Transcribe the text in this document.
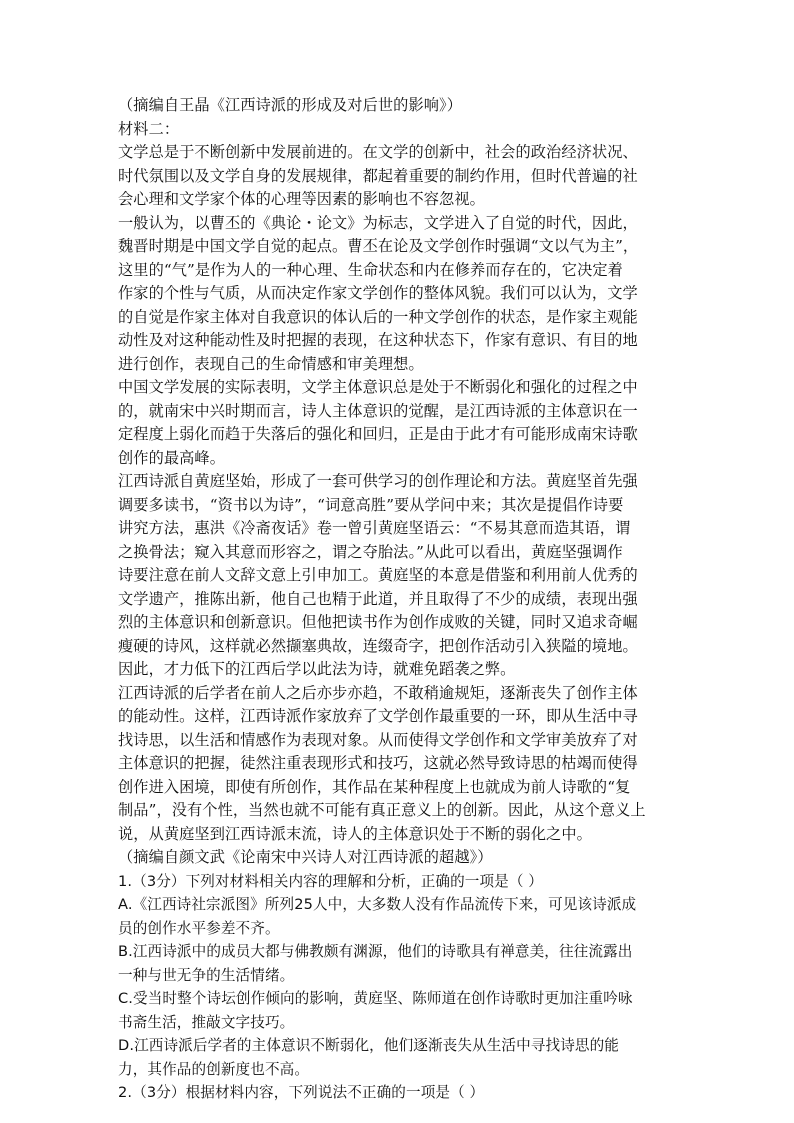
（摘编自王晶《江西诗派的形成及对后世的影响》）
材料二：
文学总是于不断创新中发展前进的。在文学的创新中，社会的政治经济状况、
时代氛围以及文学自身的发展规律，都起着重要的制约作用，但时代普遍的社
会心理和文学家个体的心理等因素的影响也不容忽视。
一般认为，以曹丕的《典论・论文》为标志，文学进入了自觉的时代，因此，
魏晋时期是中国文学自觉的起点。曹丕在论及文学创作时强调“文以气为主”，
这里的“气”是作为人的一种心理、生命状态和内在修养而存在的，它决定着
作家的个性与气质，从而决定作家文学创作的整体风貌。我们可以认为，文学
的自觉是作家主体对自我意识的体认后的一种文学创作的状态，是作家主观能
动性及对这种能动性及时把握的表现，在这种状态下，作家有意识、有目的地
进行创作，表现自己的生命情感和审美理想。
中国文学发展的实际表明，文学主体意识总是处于不断弱化和强化的过程之中
的，就南宋中兴时期而言，诗人主体意识的觉醒，是江西诗派的主体意识在一
定程度上弱化而趋于失落后的强化和回归，正是由于此才有可能形成南宋诗歌
创作的最高峰。
江西诗派自黄庭坚始，形成了一套可供学习的创作理论和方法。黄庭坚首先强
调要多读书，“资书以为诗”，“词意高胜”要从学问中来；其次是提倡作诗要
讲究方法，惠洪《冷斋夜话》卷一曾引黄庭坚语云：“不易其意而造其语，谓
之换骨法；窥入其意而形容之，谓之夺胎法。”从此可以看出，黄庭坚强调作
诗要注意在前人文辞文意上引申加工。黄庭坚的本意是借鉴和利用前人优秀的
文学遗产，推陈出新，他自己也精于此道，并且取得了不少的成绩，表现出强
烈的主体意识和创新意识。但他把读书作为创作成败的关键，同时又追求奇崛
瘦硬的诗风，这样就必然撷塞典故，连缀奇字，把创作活动引入狭隘的境地。
因此，才力低下的江西后学以此法为诗，就难免蹈袭之弊。
江西诗派的后学者在前人之后亦步亦趋，不敢稍逾规矩，逐渐丧失了创作主体
的能动性。这样，江西诗派作家放弃了文学创作最重要的一环，即从生活中寻
找诗思，以生活和情感作为表现对象。从而使得文学创作和文学审美放弃了对
主体意识的把握，徒然注重表现形式和技巧，这就必然导致诗思的枯竭而使得
创作进入困境，即使有所创作，其作品在某种程度上也就成为前人诗歌的“复
制品”，没有个性，当然也就不可能有真正意义上的创新。因此，从这个意义上
说，从黄庭坚到江西诗派末流，诗人的主体意识处于不断的弱化之中。
（摘编自颜文武《论南宋中兴诗人对江西诗派的超越》）
1.（3分）下列对材料相关内容的理解和分析，正确的一项是（ ）
A.《江西诗社宗派图》所列25人中，大多数人没有作品流传下来，可见该诗派成
员的创作水平参差不齐。
B.江西诗派中的成员大都与佛教颇有渊源，他们的诗歌具有禅意美，往往流露出
一种与世无争的生活情绪。
C.受当时整个诗坛创作倾向的影响，黄庭坚、陈师道在创作诗歌时更加注重吟咏
书斋生活，推敲文字技巧。
D.江西诗派后学者的主体意识不断弱化，他们逐渐丧失从生活中寻找诗思的能
力，其作品的创新度也不高。
2.（3分）根据材料内容，下列说法不正确的一项是（ ）
